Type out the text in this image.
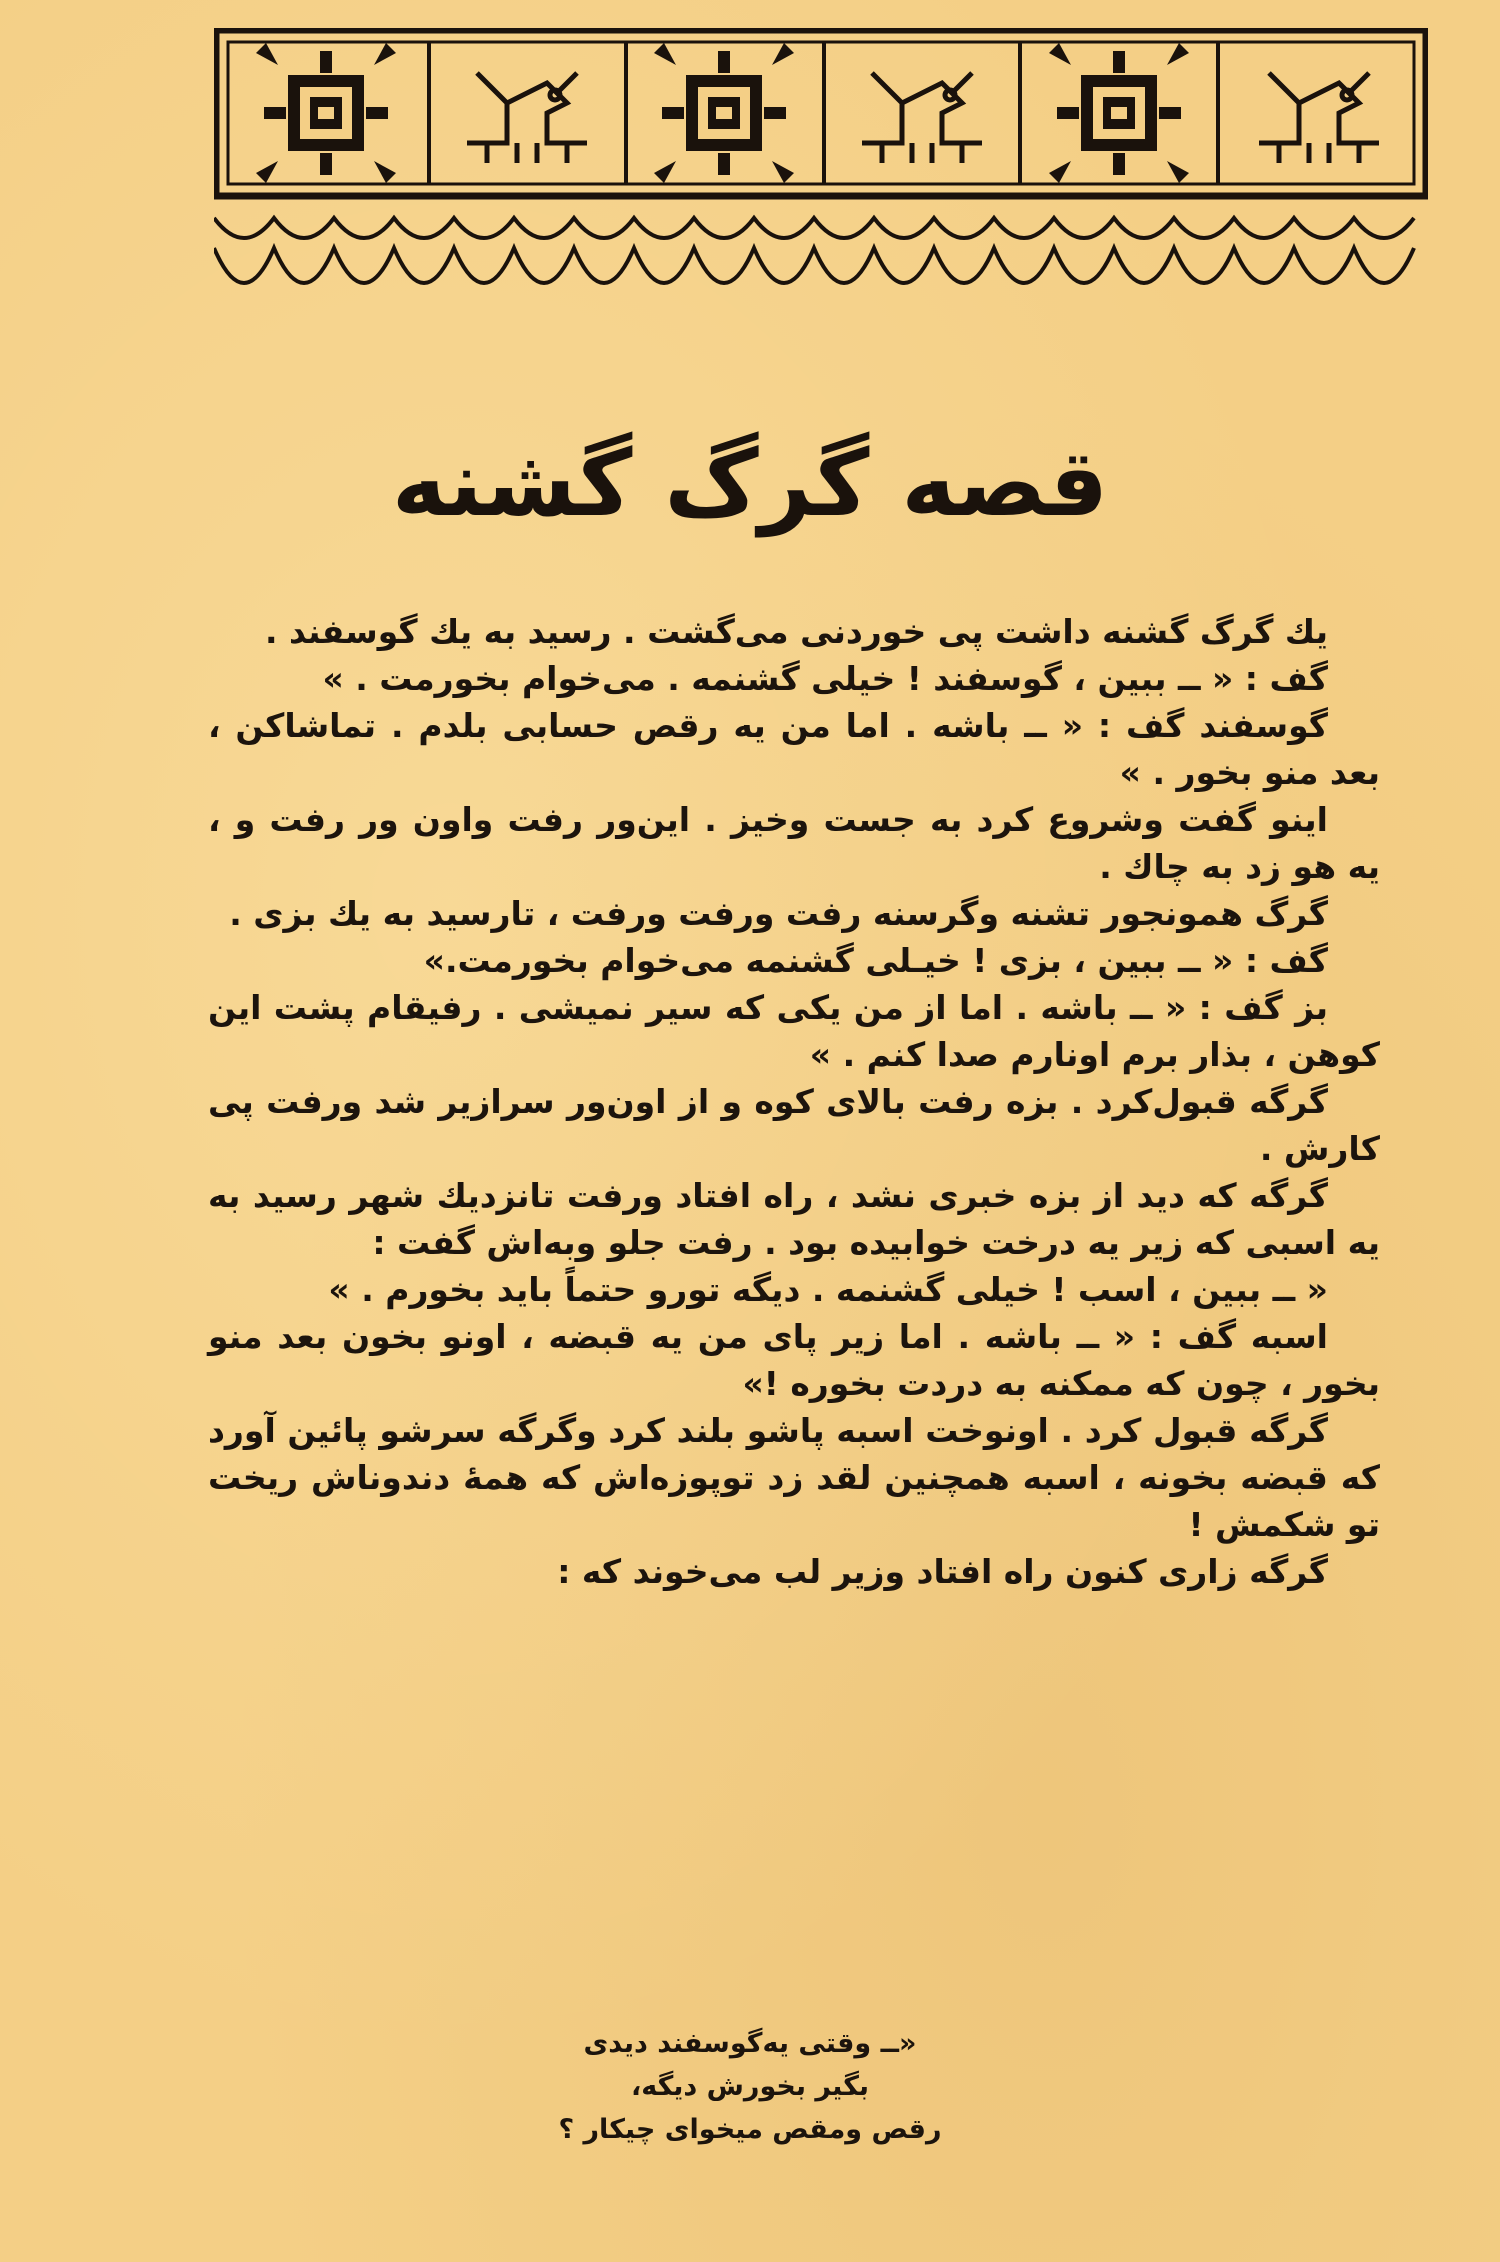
قصه گرگ گشنه

یك گرگ گشنه داشت پی خوردنی می‌گشت . رسید به یك گوسفند .

گف : « ــ ببین ، گوسفند ! خیلی گشنمه . می‌خوام بخورمت . »

گوسفند گف : « ــ باشه . اما من یه رقص حسابی بلدم . تماشاکن ، بعد منو بخور . »

اینو گفت وشروع کرد به جست وخیز . این‌ور رفت واون ور رفت و ، یه هو زد به چاك .

گرگ همونجور تشنه وگرسنه رفت ورفت ورفت ، تارسید به یك بزی .

گف : « ــ ببین ، بزی ! خیـلی گشنمه می‌خوام بخورمت.»

بز گف : « ــ باشه . اما از من یکی که سیر نمیشی . رفیقام پشت این کوهن ، بذار برم اونارم صدا کنم . »

گرگه قبول‌کرد . بزه رفت بالای کوه و از اون‌ور سرازیر شد ورفت پی کارش .

گرگه که دید از بزه خبری نشد ، راه افتاد ورفت تانزدیك شهر رسید به یه اسبی که زیر یه درخت خوابیده بود . رفت جلو وبه‌اش گفت :

« ــ ببین ، اسب ! خیلی گشنمه . دیگه تورو حتماً باید بخورم . »

اسبه گف : « ــ باشه . اما زیر پای من یه قبضه ، اونو بخون بعد منو بخور ، چون که ممکنه به دردت بخوره !»

گرگه قبول کرد . اونوخت اسبه پاشو بلند کرد وگرگه سرشو پائین آورد که قبضه بخونه ، اسبه همچنین لقد زد توپوزه‌اش که همهٔ دندوناش ریخت تو شکمش !

گرگه زاری کنون راه افتاد وزیر لب می‌خوند که :

«ــ وقتی یه‌گوسفند دیدی
بگیر بخورش دیگه،
رقص ومقص میخوای چیکار ؟
